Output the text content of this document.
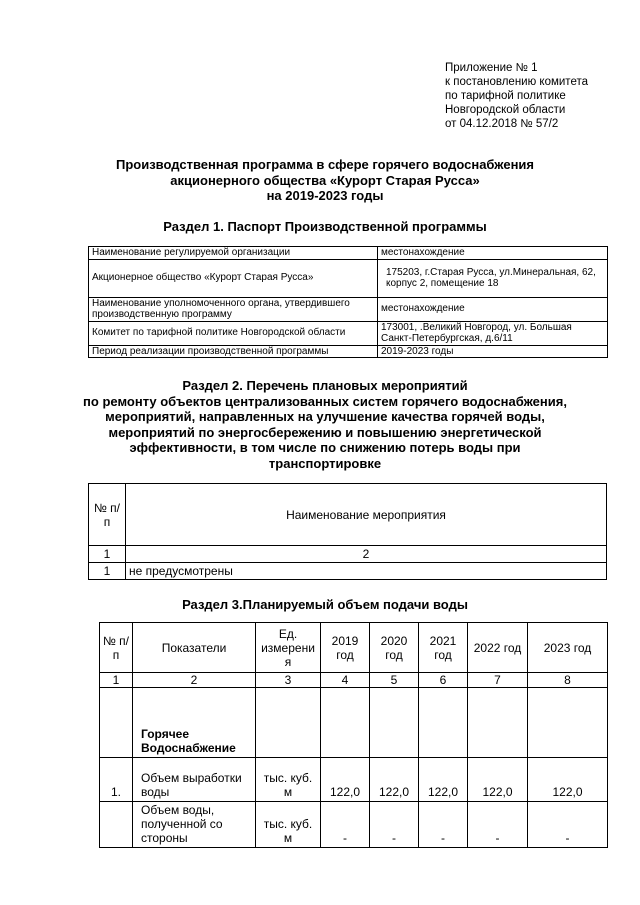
Приложение № 1
к постановлению комитета
по тарифной политике
Новгородской области
от 04.12.2018 № 57/2
Производственная программа в сфере горячего водоснабжения
акционерного общества «Курорт Старая Русса»
на 2019-2023 годы
Раздел 1. Паспорт Производственной программы
Наименование регулируемой организации	местонахождение
Акционерное общество «Курорт Старая Русса»	175203, г.Старая Русса, ул.Минеральная, 62, корпус 2, помещение 18
Наименование уполномоченного органа, утвердившего производственную программу	местонахождение
Комитет по тарифной политике Новгородской области	173001, .Великий Новгород, ул. Большая Санкт-Петербургская, д.6/11
Период реализации производственной программы	2019-2023 годы
Раздел 2. Перечень плановых мероприятий
по ремонту объектов централизованных систем горячего водоснабжения,
мероприятий, направленных на улучшение качества горячей воды,
мероприятий по энергосбережению и повышению энергетической
эффективности, в том числе по снижению потерь воды при
транспортировке
№ п/п	Наименование мероприятия
1	2
1	не предусмотрены
Раздел 3.Планируемый объем подачи воды
№ п/п	Показатели	Ед. измерени я	2019 год	2020 год	2021 год	2022 год	2023 год
1	2	3	4	5	6	7	8
	Горячее Водоснабжение						
1.	Объем выработки воды	тыс. куб. м	122,0	122,0	122,0	122,0	122,0
	Объем воды, полученной со стороны	тыс. куб. м	-	-	-	-	-
